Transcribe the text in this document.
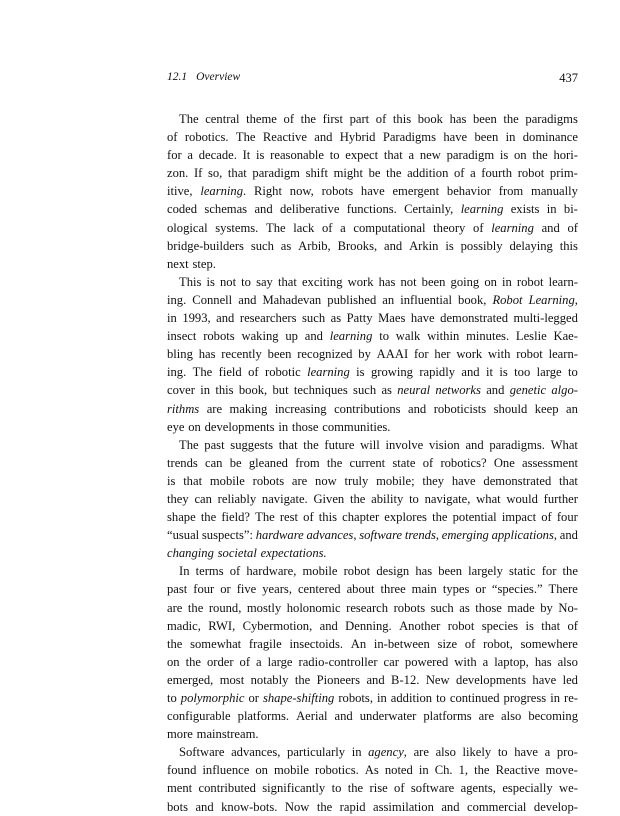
12.1 Overview	437
The central theme of the first part of this book has been the paradigms
of robotics. The Reactive and Hybrid Paradigms have been in dominance
for a decade. It is reasonable to expect that a new paradigm is on the hori-
zon. If so, that paradigm shift might be the addition of a fourth robot prim-
itive, learning. Right now, robots have emergent behavior from manually
coded schemas and deliberative functions. Certainly, learning exists in bi-
ological systems. The lack of a computational theory of learning and of
bridge-builders such as Arbib, Brooks, and Arkin is possibly delaying this
next step.
This is not to say that exciting work has not been going on in robot learn-
ing. Connell and Mahadevan published an influential book, Robot Learning,
in 1993, and researchers such as Patty Maes have demonstrated multi-legged
insect robots waking up and learning to walk within minutes. Leslie Kae-
bling has recently been recognized by AAAI for her work with robot learn-
ing. The field of robotic learning is growing rapidly and it is too large to
cover in this book, but techniques such as neural networks and genetic algo-
rithms are making increasing contributions and roboticists should keep an
eye on developments in those communities.
The past suggests that the future will involve vision and paradigms. What
trends can be gleaned from the current state of robotics? One assessment
is that mobile robots are now truly mobile; they have demonstrated that
they can reliably navigate. Given the ability to navigate, what would further
shape the field? The rest of this chapter explores the potential impact of four
“usual suspects”: hardware advances, software trends, emerging applications, and
changing societal expectations.
In terms of hardware, mobile robot design has been largely static for the
past four or five years, centered about three main types or “species.” There
are the round, mostly holonomic research robots such as those made by No-
madic, RWI, Cybermotion, and Denning. Another robot species is that of
the somewhat fragile insectoids. An in-between size of robot, somewhere
on the order of a large radio-controller car powered with a laptop, has also
emerged, most notably the Pioneers and B-12. New developments have led
to polymorphic or shape-shifting robots, in addition to continued progress in re-
configurable platforms. Aerial and underwater platforms are also becoming
more mainstream.
Software advances, particularly in agency, are also likely to have a pro-
found influence on mobile robotics. As noted in Ch. 1, the Reactive move-
ment contributed significantly to the rise of software agents, especially we-
bots and know-bots. Now the rapid assimilation and commercial develop-
